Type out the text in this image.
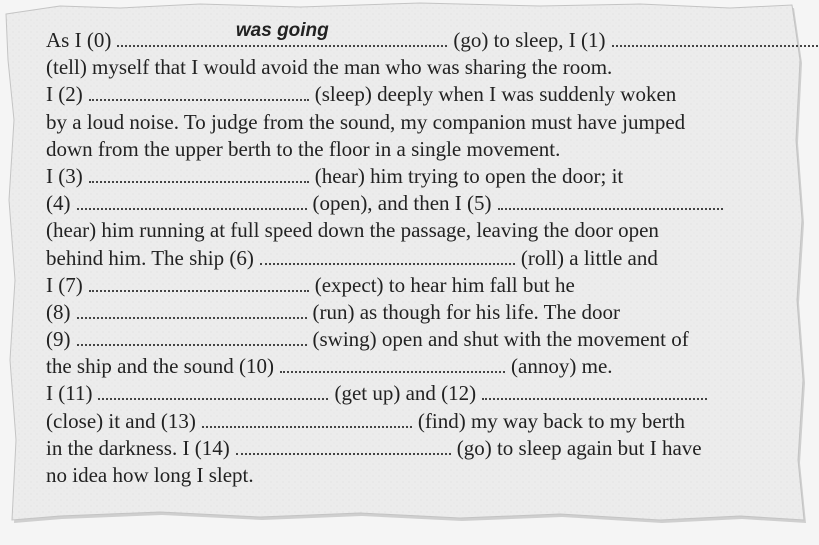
As I (0)	was going	(go) to sleep, I (1)
(tell) myself that I would avoid the man who was sharing the room.
I (2)	(sleep) deeply when I was suddenly woken
by a loud noise. To judge from the sound, my companion must have jumped
down from the upper berth to the floor in a single movement.
I (3)	(hear) him trying to open the door; it
(4)	(open), and then I (5)
(hear) him running at full speed down the passage, leaving the door open
behind him. The ship (6)	(roll) a little and
I (7)	(expect) to hear him fall but he
(8)	(run) as though for his life. The door
(9)	(swing) open and shut with the movement of
the ship and the sound (10)	(annoy) me.
I (11)	(get up) and (12)
(close) it and (13)	(find) my way back to my berth
in the darkness. I (14)	(go) to sleep again but I have
no idea how long I slept.
